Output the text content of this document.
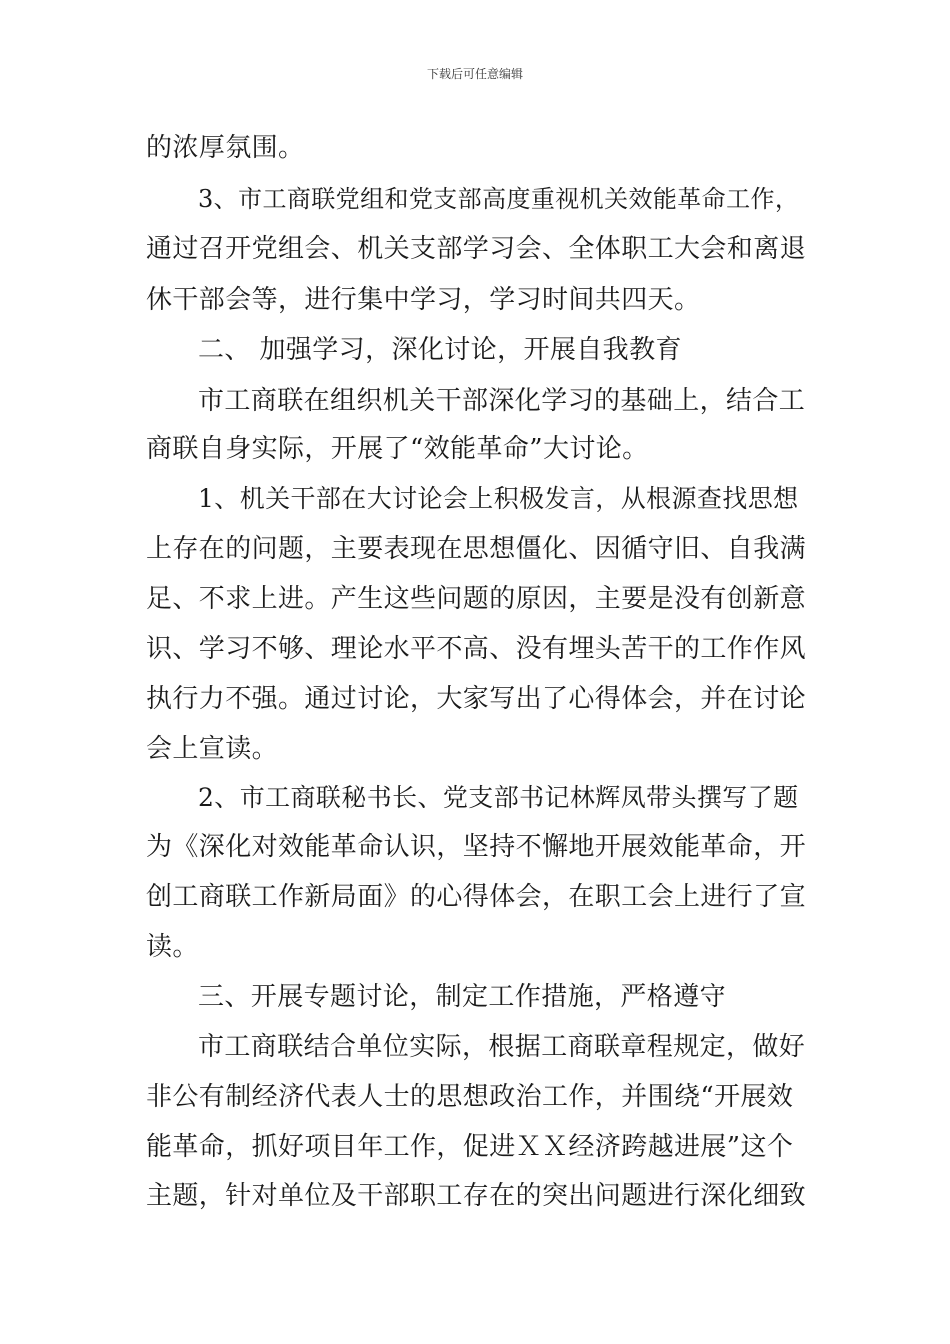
下载后可任意编辑
的浓厚氛围。
3、市工商联党组和党支部高度重视机关效能革命工作，
通过召开党组会、机关支部学习会、全体职工大会和离退
休干部会等，进行集中学习，学习时间共四天。
二、 加强学习，深化讨论，开展自我教育
市工商联在组织机关干部深化学习的基础上，结合工
商联自身实际，开展了“效能革命”大讨论。
1、机关干部在大讨论会上积极发言，从根源查找思想
上存在的问题，主要表现在思想僵化、因循守旧、自我满
足、不求上进。产生这些问题的原因，主要是没有创新意
识、学习不够、理论水平不高、没有埋头苦干的工作作风
执行力不强。通过讨论，大家写出了心得体会，并在讨论
会上宣读。
2、市工商联秘书长、党支部书记林辉凤带头撰写了题
为《深化对效能革命认识，坚持不懈地开展效能革命，开
创工商联工作新局面》的心得体会，在职工会上进行了宣
读。
三、开展专题讨论，制定工作措施，严格遵守
市工商联结合单位实际，根据工商联章程规定，做好
非公有制经济代表人士的思想政治工作，并围绕“开展效
能革命，抓好项目年工作，促进ＸＸ经济跨越进展”这个
主题，针对单位及干部职工存在的突出问题进行深化细致
